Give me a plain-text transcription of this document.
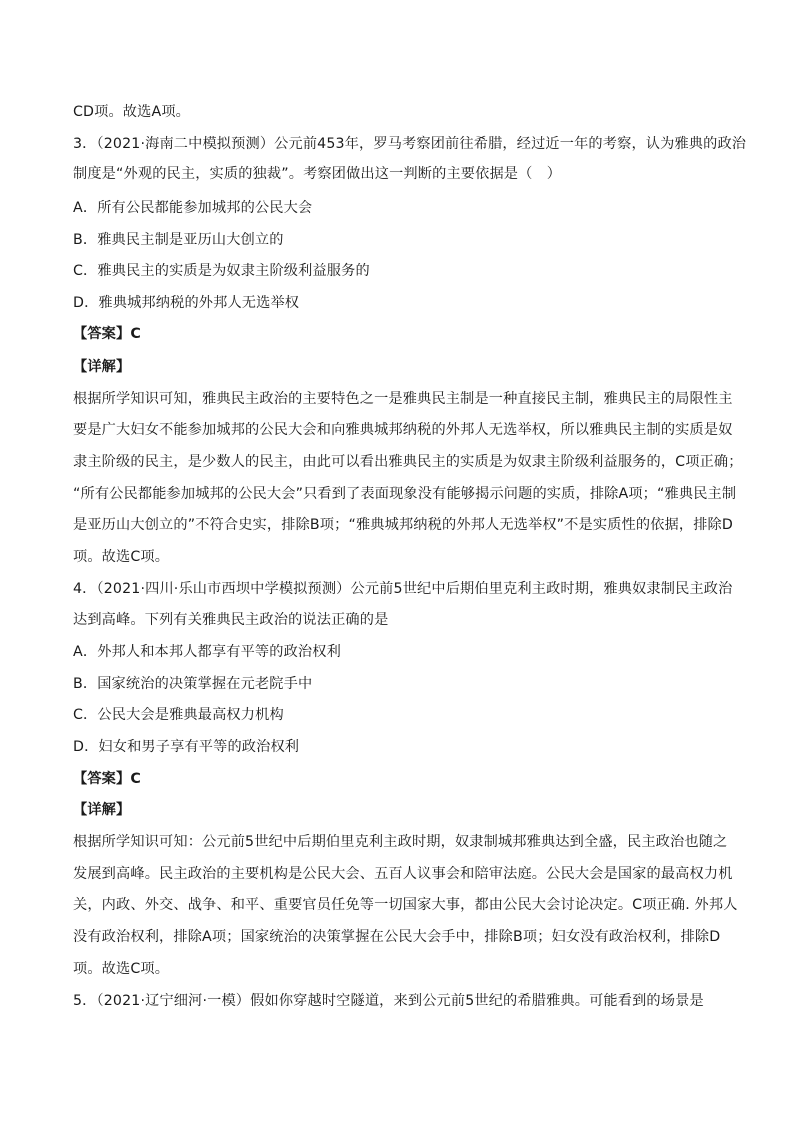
CD项。故选A项。
3．（2021·海南二中模拟预测）公元前453年，罗马考察团前往希腊，经过近一年的考察，认为雅典的政治
制度是“外观的民主，实质的独裁”。考察团做出这一判断的主要依据是（　）
A．所有公民都能参加城邦的公民大会
B．雅典民主制是亚历山大创立的
C．雅典民主的实质是为奴隶主阶级利益服务的
D．雅典城邦纳税的外邦人无选举权
【答案】C
【详解】
根据所学知识可知，雅典民主政治的主要特色之一是雅典民主制是一种直接民主制，雅典民主的局限性主
要是广大妇女不能参加城邦的公民大会和向雅典城邦纳税的外邦人无选举权，所以雅典民主制的实质是奴
隶主阶级的民主，是少数人的民主，由此可以看出雅典民主的实质是为奴隶主阶级利益服务的，C项正确；
“所有公民都能参加城邦的公民大会”只看到了表面现象没有能够揭示问题的实质，排除A项；“雅典民主制
是亚历山大创立的”不符合史实，排除B项；“雅典城邦纳税的外邦人无选举权”不是实质性的依据，排除D
项。故选C项。
4．（2021·四川·乐山市西坝中学模拟预测）公元前5世纪中后期伯里克利主政时期，雅典奴隶制民主政治
达到高峰。下列有关雅典民主政治的说法正确的是
A．外邦人和本邦人都享有平等的政治权利
B．国家统治的决策掌握在元老院手中
C．公民大会是雅典最高权力机构
D．妇女和男子享有平等的政治权利
【答案】C
【详解】
根据所学知识可知：公元前5世纪中后期伯里克利主政时期，奴隶制城邦雅典达到全盛，民主政治也随之
发展到高峰。民主政治的主要机构是公民大会、五百人议事会和陪审法庭。公民大会是国家的最高权力机
关，内政、外交、战争、和平、重要官员任免等一切国家大事，都由公民大会讨论决定。C项正确. 外邦人
没有政治权利，排除A项；国家统治的决策掌握在公民大会手中，排除B项；妇女没有政治权利，排除D
项。故选C项。
5．（2021·辽宁细河·一模）假如你穿越时空隧道，来到公元前5世纪的希腊雅典。可能看到的场景是
